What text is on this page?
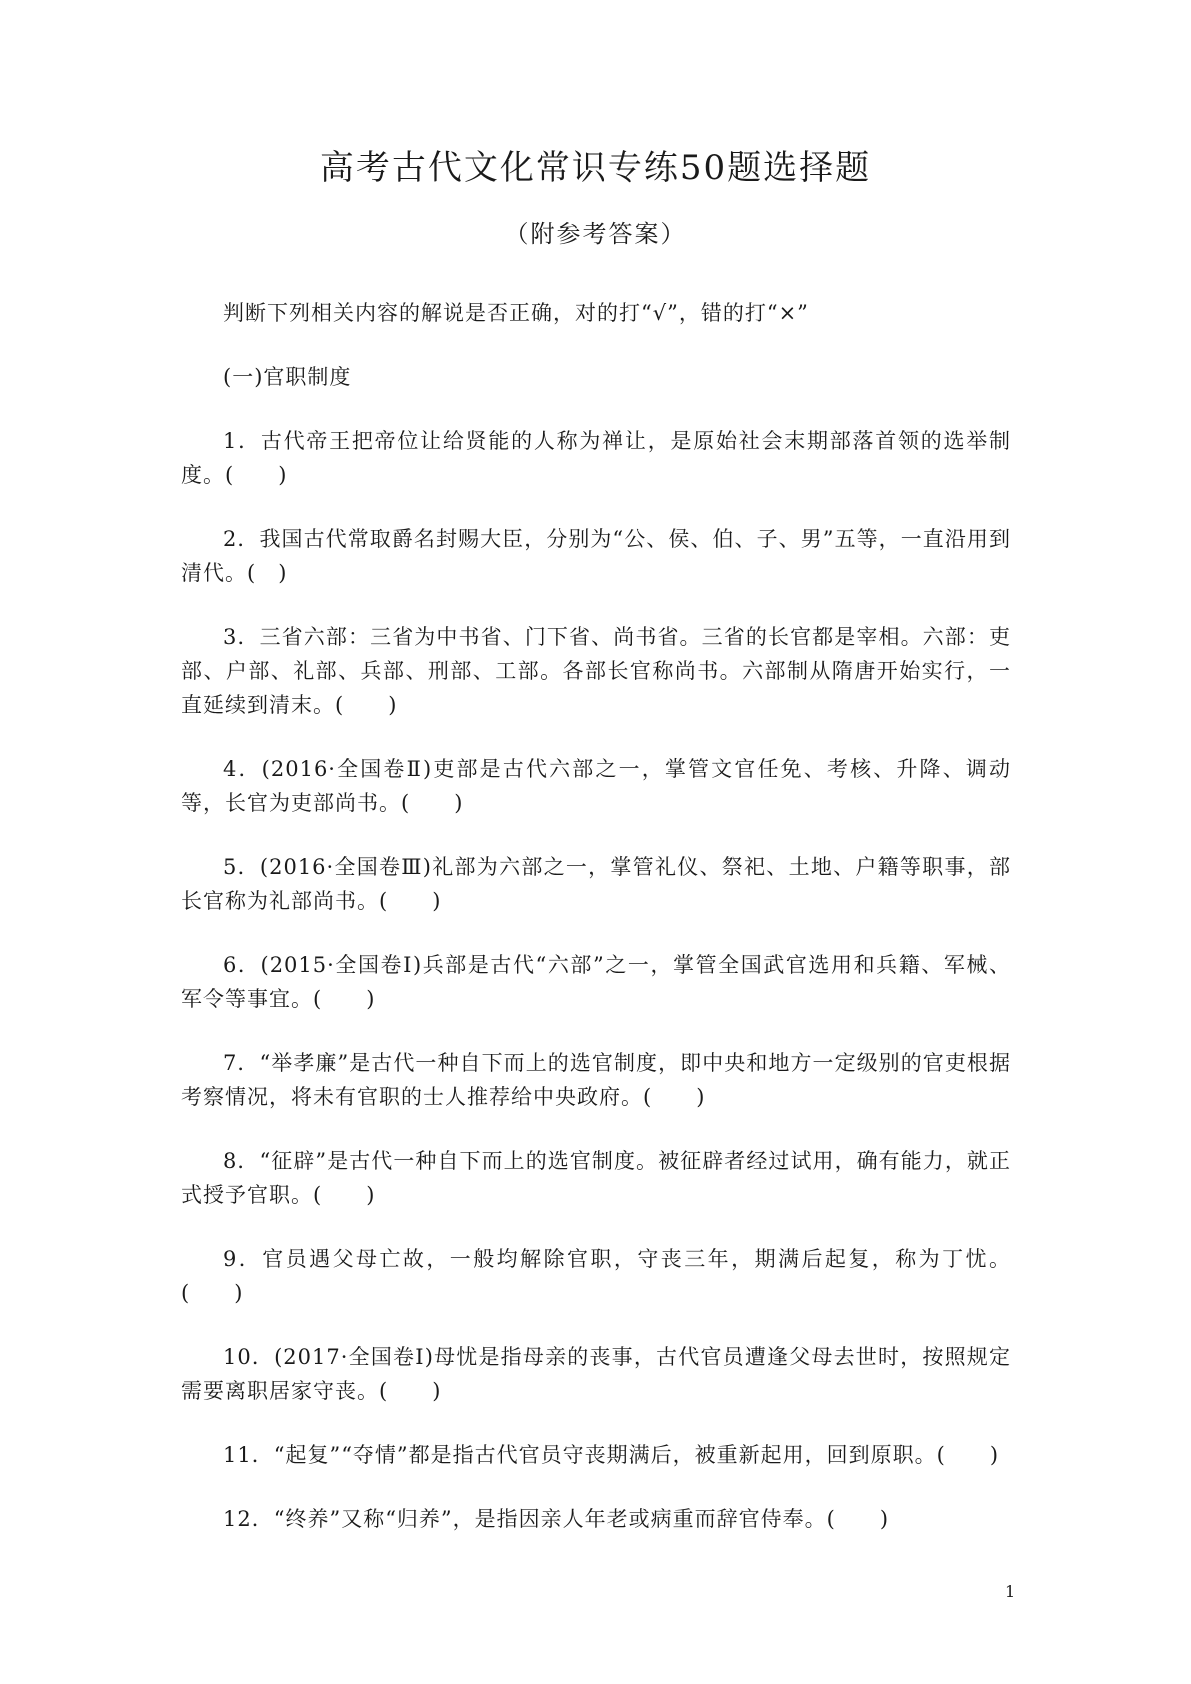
高考古代文化常识专练50题选择题
（附参考答案）

判断下列相关内容的解说是否正确，对的打“√”，错的打“×”

(一)官职制度

1．古代帝王把帝位让给贤能的人称为禅让，是原始社会末期部落首领的选举制度。(　　)

2．我国古代常取爵名封赐大臣，分别为“公、侯、伯、子、男”五等，一直沿用到清代。(　)

3．三省六部：三省为中书省、门下省、尚书省。三省的长官都是宰相。六部：吏部、户部、礼部、兵部、刑部、工部。各部长官称尚书。六部制从隋唐开始实行，一直延续到清末。(　　)

4．(2016·全国卷Ⅱ)吏部是古代六部之一，掌管文官任免、考核、升降、调动等，长官为吏部尚书。(　　)

5．(2016·全国卷Ⅲ)礼部为六部之一，掌管礼仪、祭祀、土地、户籍等职事，部长官称为礼部尚书。(　　)

6．(2015·全国卷Ⅰ)兵部是古代“六部”之一，掌管全国武官选用和兵籍、军械、军令等事宜。(　　)

7．“举孝廉”是古代一种自下而上的选官制度，即中央和地方一定级别的官吏根据考察情况，将未有官职的士人推荐给中央政府。(　　)

8．“征辟”是古代一种自下而上的选官制度。被征辟者经过试用，确有能力，就正式授予官职。(　　)

9．官员遇父母亡故，一般均解除官职，守丧三年，期满后起复，称为丁忧。(　　)

10．(2017·全国卷Ⅰ)母忧是指母亲的丧事，古代官员遭逢父母去世时，按照规定需要离职居家守丧。(　　)

11．“起复”“夺情”都是指古代官员守丧期满后，被重新起用，回到原职。(　　)

12．“终养”又称“归养”，是指因亲人年老或病重而辞官侍奉。(　　)

1
